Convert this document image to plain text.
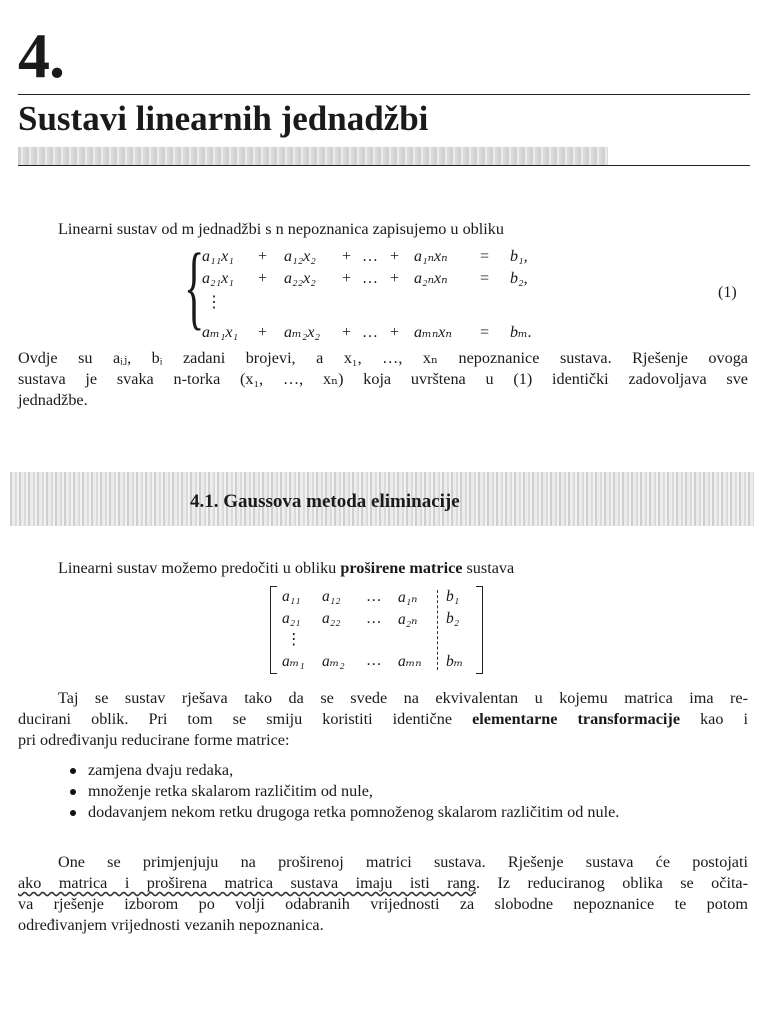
4.
Sustavi linearnih jednadžbi
Linearni sustav od m jednadžbi s n nepoznanica zapisujemo u obliku
{
a₁₁x₁ + a₁₂x₂ + … + a₁ₙxₙ = b₁,
a₂₁x₁ + a₂₂x₂ + … + a₂ₙxₙ = b₂,
⋮
aₘ₁x₁ + aₘ₂x₂ + … + aₘₙxₙ = bₘ.
(1)
Ovdje su aᵢⱼ, bᵢ zadani brojevi, a x₁, …, xₙ nepoznanice sustava. Rješenje ovoga
sustava je svaka n-torka (x₁, …, xₙ) koja uvrštena u (1) identički zadovoljava sve
jednadžbe.
4.1. Gaussova metoda eliminacije
Linearni sustav možemo predočiti u obliku proširene matrice sustava
a₁₁ a₁₂ … a₁ₙ b₁
a₂₁ a₂₂ … a₂ₙ b₂
⋮
aₘ₁ aₘ₂ … aₘₙ bₘ
Taj se sustav rješava tako da se svede na ekvivalentan u kojemu matrica ima re-
ducirani oblik. Pri tom se smiju koristiti identične elementarne transformacije kao i
pri određivanju reducirane forme matrice:
zamjena dvaju redaka,
množenje retka skalarom različitim od nule,
dodavanjem nekom retku drugoga retka pomnoženog skalarom različitim od nule.
One se primjenjuju na proširenoj matrici sustava. Rješenje sustava će postojati
ako matrica i proširena matrica sustava imaju isti rang. Iz reduciranog oblika se očita-
va rješenje izborom po volji odabranih vrijednosti za slobodne nepoznanice te potom
određivanjem vrijednosti vezanih nepoznanica.
